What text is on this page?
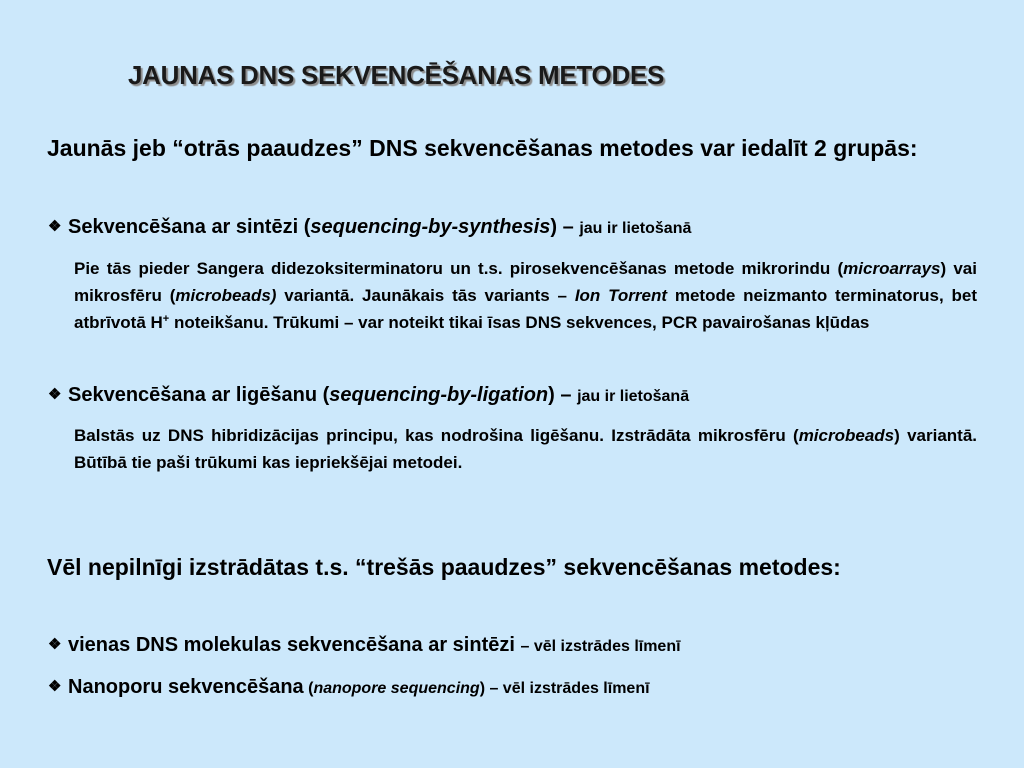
JAUNAS DNS SEKVENCĒŠANAS METODES
Jaunās jeb “otrās paaudzes” DNS sekvencēšanas metodes var iedalīt 2 grupās:
❖ Sekvencēšana ar sintēzi (sequencing-by-synthesis) – jau ir lietošanā
Pie tās pieder Sangera didezoksiterminatoru un t.s. pirosekvencēšanas metode mikrorindu (microarrays) vai mikrosfēru (microbeads) variantā. Jaunākais tās variants – Ion Torrent metode neizmanto terminatorus, bet atbrīvotā H+ noteikšanu. Trūkumi – var noteikt tikai īsas DNS sekvences, PCR pavairošanas kļūdas
❖ Sekvencēšana ar ligēšanu (sequencing-by-ligation) – jau ir lietošanā
Balstās uz DNS hibridizācijas principu, kas nodrošina ligēšanu. Izstrādāta mikrosfēru (microbeads) variantā. Būtībā tie paši trūkumi kas iepriekšējai metodei.
Vēl nepilnīgi izstrādātas t.s. “trešās paaudzes” sekvencēšanas metodes:
❖ vienas DNS molekulas sekvencēšana ar sintēzi – vēl izstrādes līmenī
❖ Nanoporu sekvencēšana (nanopore sequencing) – vēl izstrādes līmenī
